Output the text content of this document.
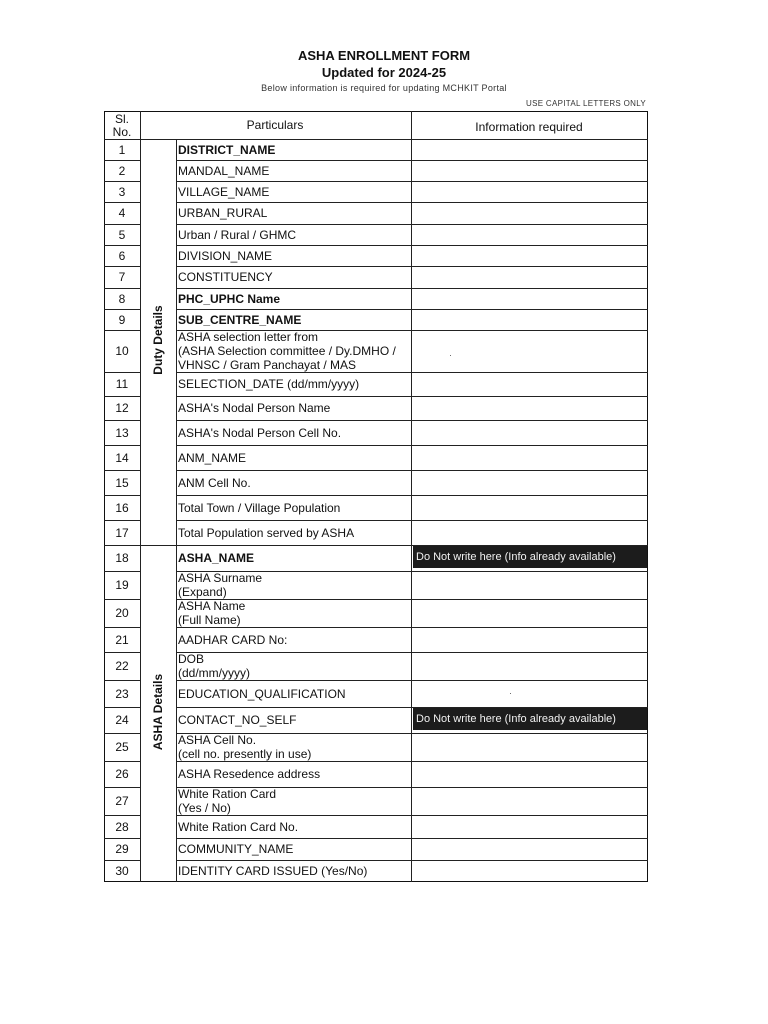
ASHA ENROLLMENT FORM
Updated for 2024-25
Below information is required for updating MCHKIT Portal
USE CAPITAL LETTERS ONLY
Sl. No.	Particulars	Information required
Duty Details
ASHA Details
·
·
1	DISTRICT_NAME
2	MANDAL_NAME
3	VILLAGE_NAME
4	URBAN_RURAL
5	Urban / Rural / GHMC
6	DIVISION_NAME
7	CONSTITUENCY
8	PHC_UPHC Name
9	SUB_CENTRE_NAME
10
ASHA selection letter from
(ASHA Selection committee / Dy.DMHO /
VHNSC / Gram Panchayat / MAS
11	SELECTION_DATE (dd/mm/yyyy)
12	ASHA's Nodal Person Name
13	ASHA's Nodal Person Cell No.
14	ANM_NAME
15	ANM Cell No.
16	Total Town / Village Population
17	Total Population served by ASHA
18	ASHA_NAME	Do Not write here (Info already available)
19	ASHA Surname
(Expand)
20	ASHA Name
(Full Name)
21	AADHAR CARD No:
22	DOB
(dd/mm/yyyy)
23	EDUCATION_QUALIFICATION
24	CONTACT_NO_SELF	Do Not write here (Info already available)
25	ASHA Cell No.
(cell no. presently in use)
26	ASHA Resedence address
27	White Ration Card
(Yes / No)
28	White Ration Card No.
29	COMMUNITY_NAME
30	IDENTITY CARD ISSUED (Yes/No)
